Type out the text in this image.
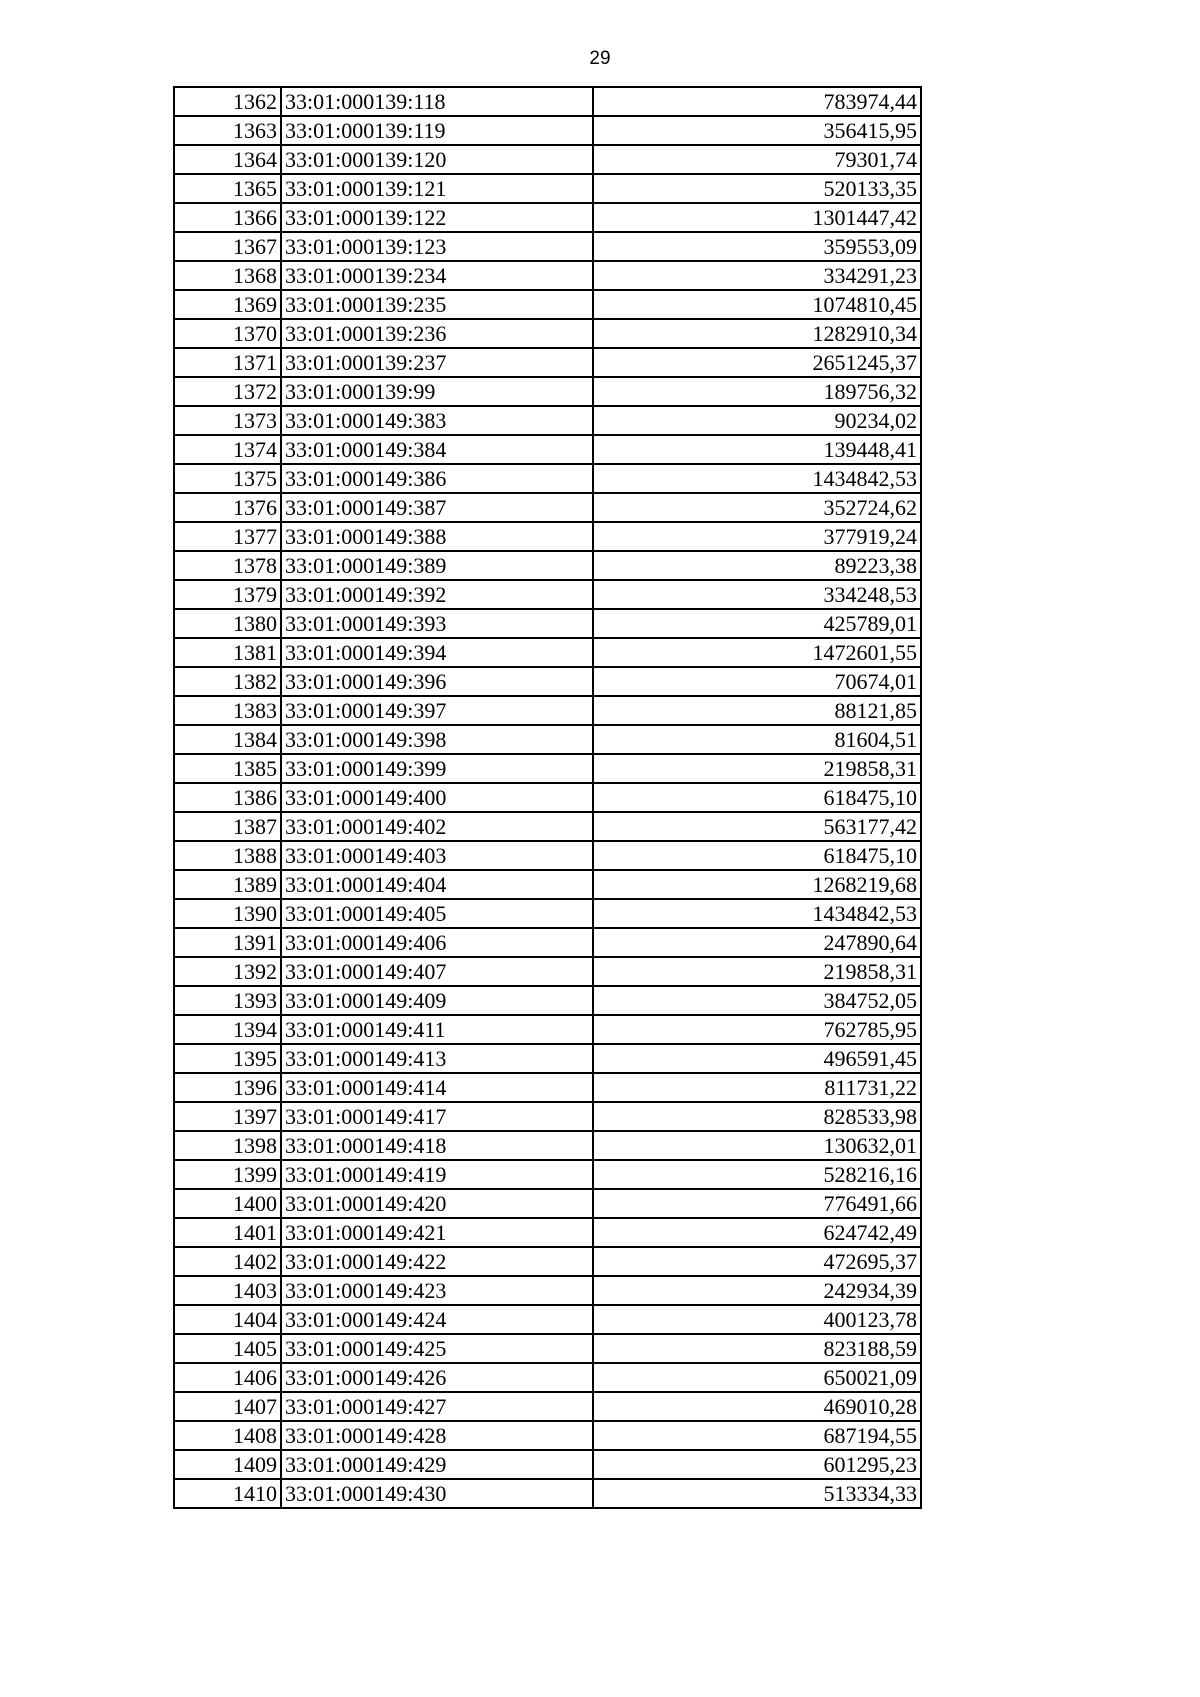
29
1362	33:01:000139:118	783974,44
1363	33:01:000139:119	356415,95
1364	33:01:000139:120	79301,74
1365	33:01:000139:121	520133,35
1366	33:01:000139:122	1301447,42
1367	33:01:000139:123	359553,09
1368	33:01:000139:234	334291,23
1369	33:01:000139:235	1074810,45
1370	33:01:000139:236	1282910,34
1371	33:01:000139:237	2651245,37
1372	33:01:000139:99	189756,32
1373	33:01:000149:383	90234,02
1374	33:01:000149:384	139448,41
1375	33:01:000149:386	1434842,53
1376	33:01:000149:387	352724,62
1377	33:01:000149:388	377919,24
1378	33:01:000149:389	89223,38
1379	33:01:000149:392	334248,53
1380	33:01:000149:393	425789,01
1381	33:01:000149:394	1472601,55
1382	33:01:000149:396	70674,01
1383	33:01:000149:397	88121,85
1384	33:01:000149:398	81604,51
1385	33:01:000149:399	219858,31
1386	33:01:000149:400	618475,10
1387	33:01:000149:402	563177,42
1388	33:01:000149:403	618475,10
1389	33:01:000149:404	1268219,68
1390	33:01:000149:405	1434842,53
1391	33:01:000149:406	247890,64
1392	33:01:000149:407	219858,31
1393	33:01:000149:409	384752,05
1394	33:01:000149:411	762785,95
1395	33:01:000149:413	496591,45
1396	33:01:000149:414	811731,22
1397	33:01:000149:417	828533,98
1398	33:01:000149:418	130632,01
1399	33:01:000149:419	528216,16
1400	33:01:000149:420	776491,66
1401	33:01:000149:421	624742,49
1402	33:01:000149:422	472695,37
1403	33:01:000149:423	242934,39
1404	33:01:000149:424	400123,78
1405	33:01:000149:425	823188,59
1406	33:01:000149:426	650021,09
1407	33:01:000149:427	469010,28
1408	33:01:000149:428	687194,55
1409	33:01:000149:429	601295,23
1410	33:01:000149:430	513334,33
